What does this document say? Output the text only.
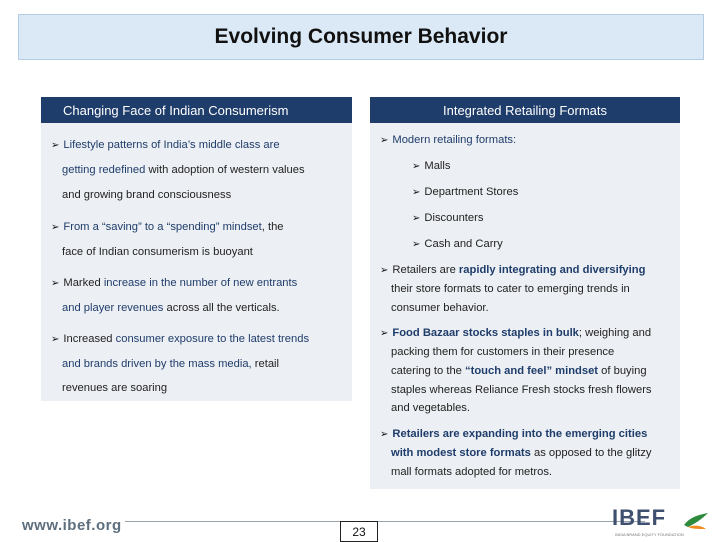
Evolving Consumer Behavior
Changing Face of Indian Consumerism
➢ Lifestyle patterns of India’s middle class are
getting redefined with adoption of western values
and growing brand consciousness
➢ From a “saving” to a “spending” mindset, the
face of Indian consumerism is buoyant
➢ Marked increase in the number of new entrants
and player revenues across all the verticals.
➢ Increased consumer exposure to the latest trends
and brands driven by the mass media, retail
revenues are soaring
Integrated Retailing Formats
➢ Modern retailing formats:
➢ Malls
➢ Department Stores
➢ Discounters
➢ Cash and Carry
➢ Retailers are rapidly integrating and diversifying
their store formats to cater to emerging trends in
consumer behavior.
➢ Food Bazaar stocks staples in bulk; weighing and
packing them for customers in their presence
catering to the “touch and feel” mindset of buying
staples whereas Reliance Fresh stocks fresh flowers
and vegetables.
➢ Retailers are expanding into the emerging cities
with modest store formats as opposed to the glitzy
mall formats adopted for metros.
www.ibef.org	23
IBEF
INDIA BRAND EQUITY FOUNDATION
